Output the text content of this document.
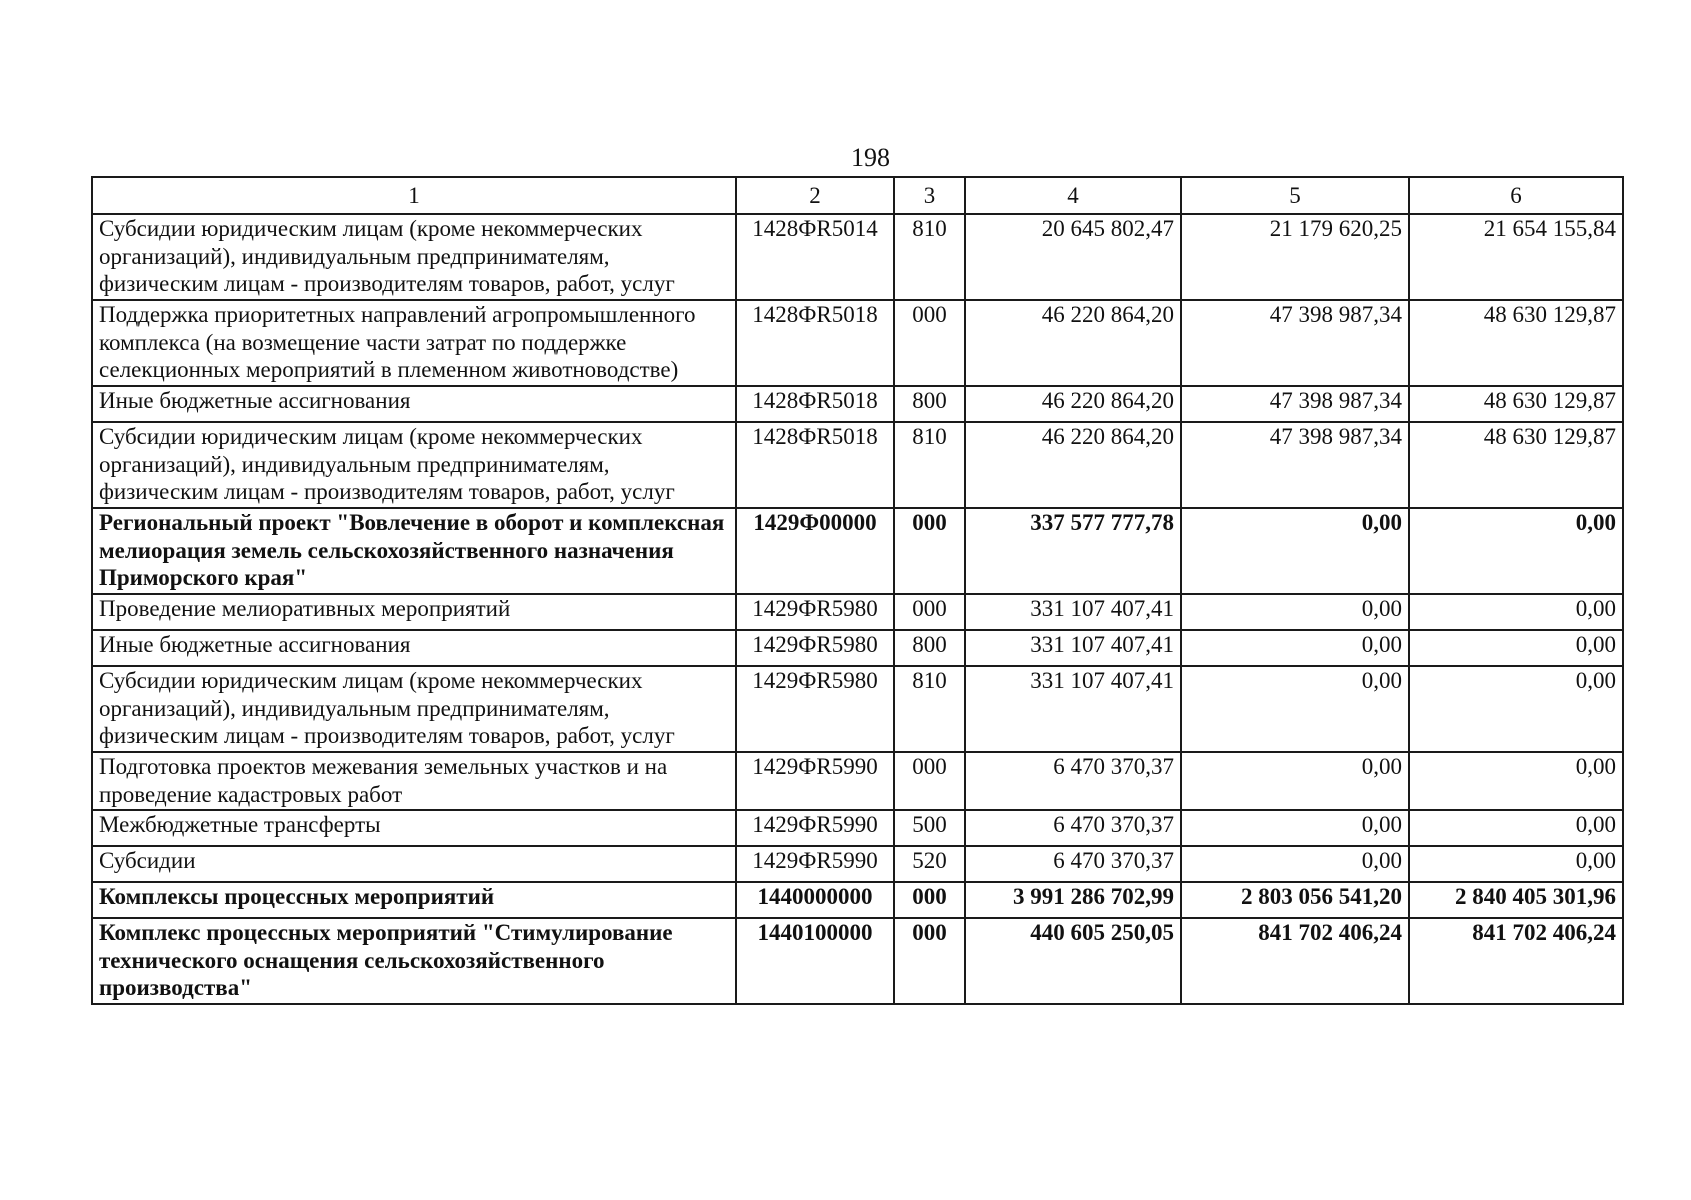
198
1	2	3	4	5	6
Субсидии юридическим лицам (кроме некоммерческих организаций), индивидуальным предпринимателям, физическим лицам - производителям товаров, работ, услуг	1428ФR5014	810	20 645 802,47	21 179 620,25	21 654 155,84
Поддержка приоритетных направлений агропромышленного комплекса (на возмещение части затрат по поддержке селекционных мероприятий в племенном животноводстве)	1428ФR5018	000	46 220 864,20	47 398 987,34	48 630 129,87
Иные бюджетные ассигнования	1428ФR5018	800	46 220 864,20	47 398 987,34	48 630 129,87
Субсидии юридическим лицам (кроме некоммерческих организаций), индивидуальным предпринимателям, физическим лицам - производителям товаров, работ, услуг	1428ФR5018	810	46 220 864,20	47 398 987,34	48 630 129,87
Региональный проект "Вовлечение в оборот и комплексная мелиорация земель сельскохозяйственного назначения Приморского края"	1429Ф00000	000	337 577 777,78	0,00	0,00
Проведение мелиоративных мероприятий	1429ФR5980	000	331 107 407,41	0,00	0,00
Иные бюджетные ассигнования	1429ФR5980	800	331 107 407,41	0,00	0,00
Субсидии юридическим лицам (кроме некоммерческих организаций), индивидуальным предпринимателям, физическим лицам - производителям товаров, работ, услуг	1429ФR5980	810	331 107 407,41	0,00	0,00
Подготовка проектов межевания земельных участков и на проведение кадастровых работ	1429ФR5990	000	6 470 370,37	0,00	0,00
Межбюджетные трансферты	1429ФR5990	500	6 470 370,37	0,00	0,00
Субсидии	1429ФR5990	520	6 470 370,37	0,00	0,00
Комплексы процессных мероприятий	1440000000	000	3 991 286 702,99	2 803 056 541,20	2 840 405 301,96
Комплекс процессных мероприятий "Стимулирование технического оснащения сельскохозяйственного производства"	1440100000	000	440 605 250,05	841 702 406,24	841 702 406,24
